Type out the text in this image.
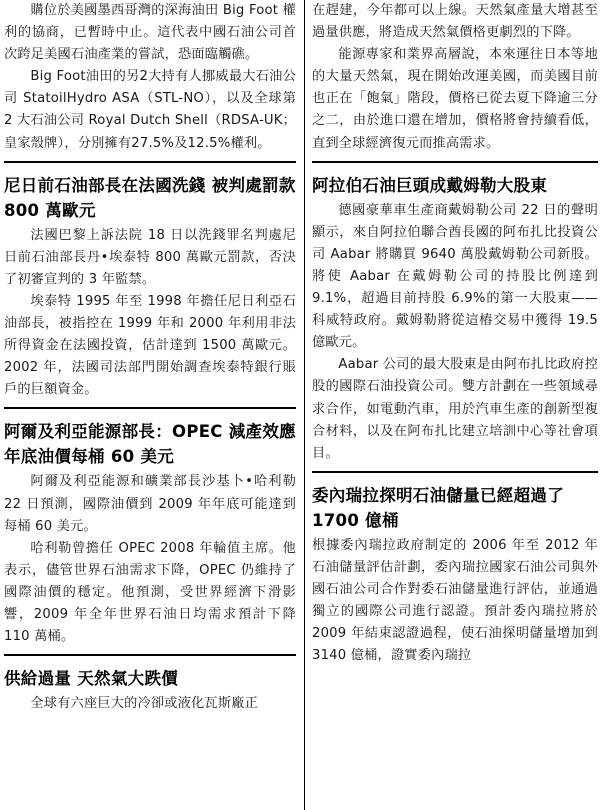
購位於美國墨西哥灣的深海油田 Big Foot 權利的協商，已暫時中止。這代表中國石油公司首次跨足美國石油產業的嘗試，恐面臨觸礁。

Big Foot油田的另2大持有人挪威最大石油公司 StatoilHydro ASA（STL-NO），以及全球第 2 大石油公司 Royal Dutch Shell（RDSA-UK；皇家殼牌），分別擁有27.5%及12.5%權利。

尼日前石油部長在法國洗錢 被判處罰款 800 萬歐元

法國巴黎上訴法院 18 日以洗錢罪名判處尼日前石油部長丹•埃泰特 800 萬歐元罰款，否決了初審宣判的 3 年監禁。

埃泰特 1995 年至 1998 年擔任尼日利亞石油部長，被指控在 1999 年和 2000 年利用非法所得資金在法國投資，估計達到 1500 萬歐元。2002 年，法國司法部門開始調查埃泰特銀行賬戶的巨額資金。

阿爾及利亞能源部長：OPEC 減產效應年底油價每桶 60 美元

阿爾及利亞能源和礦業部長沙基卜•哈利勒 22 日預測，國際油價到 2009 年年底可能達到每桶 60 美元。

哈利勒曾擔任 OPEC 2008 年輪值主席。他表示，儘管世界石油需求下降，OPEC 仍維持了國際油價的穩定。他預測，受世界經濟下滑影響，2009 年全年世界石油日均需求預計下降 110 萬桶。

供給過量 天然氣大跌價

全球有六座巨大的冷卻或液化瓦斯廠正

在趕建，今年都可以上線。天然氣產量大增甚至過量供應，將造成天然氣價格更劇烈的下降。

能源專家和業界高層說，本來運往日本等地的大量天然氣，現在開始改運美國，而美國目前也正在「飽氣」階段，價格已從去夏下降逾三分之二，由於進口還在增加，價格將會持續看低，直到全球經濟復元而推高需求。

阿拉伯石油巨頭成戴姆勒大股東

德國豪華車生產商戴姆勒公司 22 日的聲明顯示，來自阿拉伯聯合酋長國的阿布扎比投資公司 Aabar 將購買 9640 萬股戴姆勒公司新股。將使 Aabar 在戴姆勒公司的持股比例達到 9.1%，超過目前持股 6.9%的第一大股東——科威特政府。戴姆勒將從這樁交易中獲得 19.5 億歐元。

Aabar 公司的最大股東是由阿布扎比政府控股的國際石油投資公司。雙方計劃在一些領域尋求合作，如電動汽車，用於汽車生產的創新型複合材料，以及在阿布扎比建立培訓中心等社會項目。

委內瑞拉探明石油儲量已經超過了 1700 億桶

根據委內瑞拉政府制定的 2006 年至 2012 年石油儲量評估計劃，委內瑞拉國家石油公司與外國石油公司合作對委石油儲量進行評估，並通過獨立的國際公司進行認證。預計委內瑞拉將於 2009 年結束認證過程，使石油探明儲量增加到 3140 億桶，證實委內瑞拉
